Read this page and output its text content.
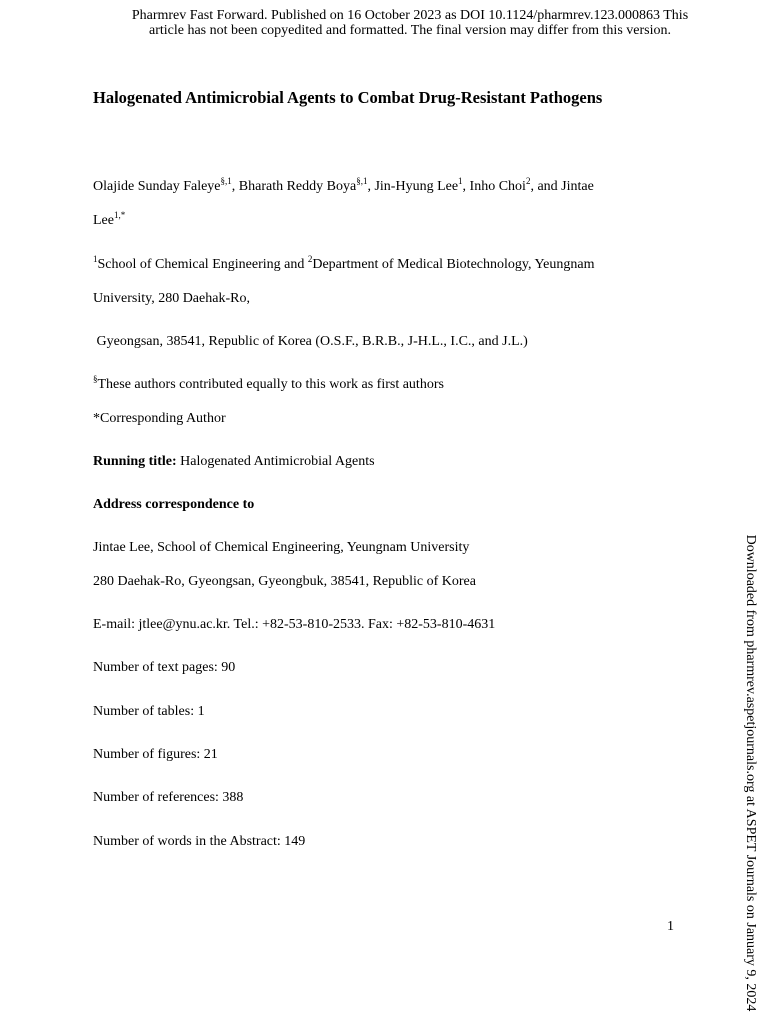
Pharmrev Fast Forward. Published on 16 October 2023 as DOI 10.1124/pharmrev.123.000863 This
article has not been copyedited and formatted. The final version may differ from this version.
Halogenated Antimicrobial Agents to Combat Drug-Resistant Pathogens
Olajide Sunday Faleye$^{\S,1}$, Bharath Reddy Boya$^{\S,1}$, Jin-Hyung Lee$^1$, Inho Choi$^2$, and Jintae
Lee$^{1,*}$
$^1$School of Chemical Engineering and $^2$Department of Medical Biotechnology, Yeungnam
University, 280 Daehak-Ro,
Gyeongsan, 38541, Republic of Korea (O.S.F., B.R.B., J-H.L., I.C., and J.L.)
§These authors contributed equally to this work as first authors
*Corresponding Author
Running title: Halogenated Antimicrobial Agents
Address correspondence to
Jintae Lee, School of Chemical Engineering, Yeungnam University
280 Daehak-Ro, Gyeongsan, Gyeongbuk, 38541, Republic of Korea
E-mail: jtlee@ynu.ac.kr. Tel.: +82-53-810-2533. Fax: +82-53-810-4631
Number of text pages: 90
Number of tables: 1
Number of figures: 21
Number of references: 388
Number of words in the Abstract: 149
1	Downloaded from pharmrev.aspetjournals.org at ASPET Journals on January 9, 2024
